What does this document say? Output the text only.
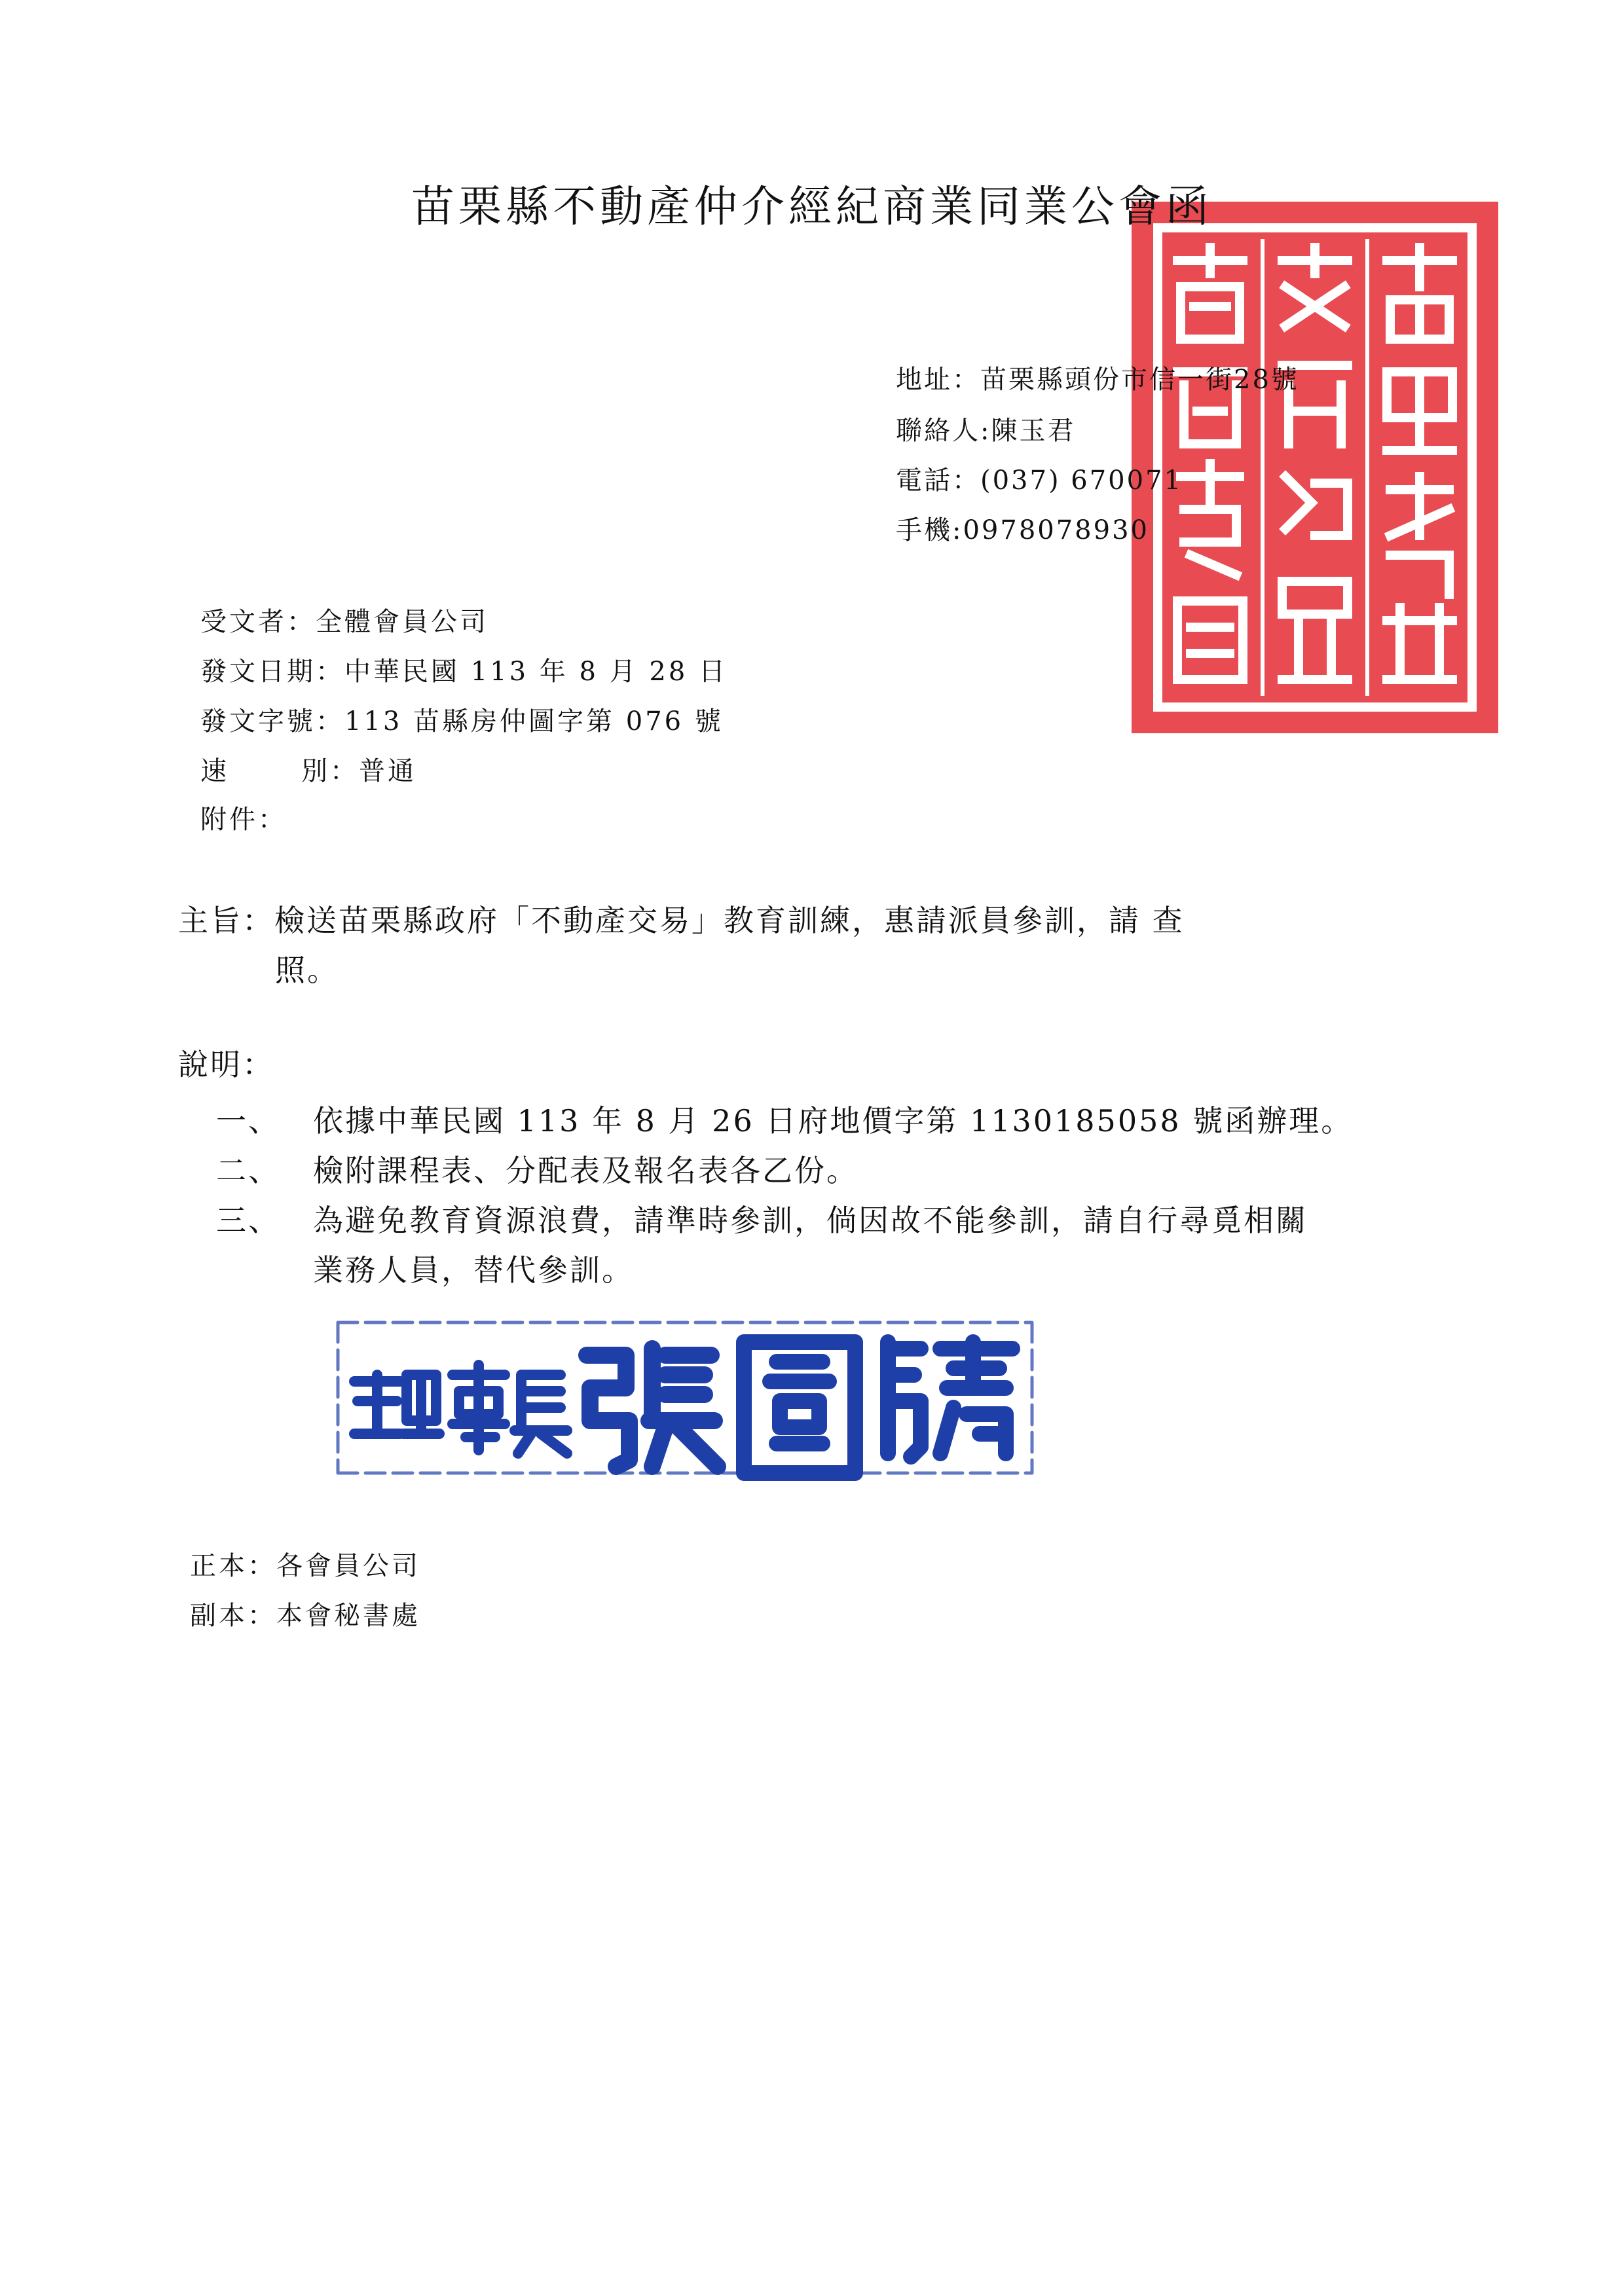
苗栗縣不動產仲介經紀商業同業公會函
地址：苗栗縣頭份市信一街28號
聯絡人:陳玉君
電話：(037) 670071
手機:0978078930
受文者：全體會員公司
發文日期：中華民國 113 年 8 月 28 日
發文字號：113 苗縣房仲圖字第 076 號
速	別：普通
附件：
主旨：檢送苗栗縣政府「不動產交易」教育訓練，惠請派員參訓，請 查
照。
說明：
一、 依據中華民國 113 年 8 月 26 日府地價字第 1130185058 號函辦理。
二、 檢附課程表、分配表及報名表各乙份。
三、 為避免教育資源浪費，請準時參訓，倘因故不能參訓，請自行尋覓相關
業務人員，替代參訓。
正本：各會員公司
副本：本會秘書處
